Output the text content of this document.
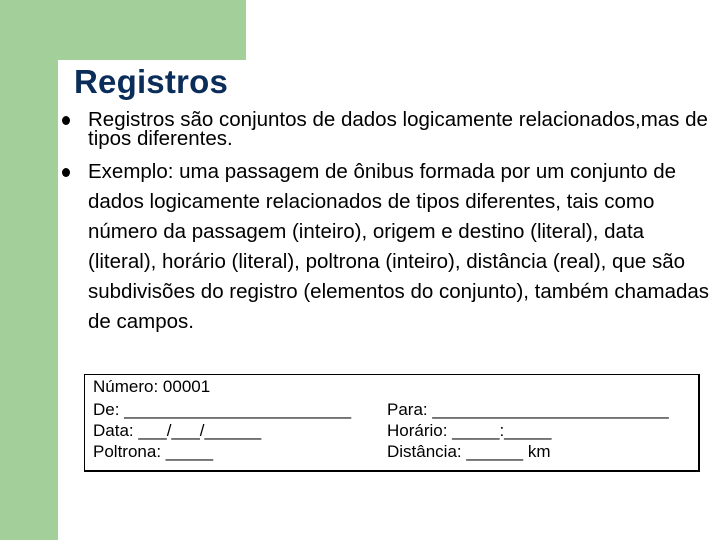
Registros
Registros são conjuntos de dados logicamente relacionados,mas de tipos diferentes.
Exemplo: uma passagem de ônibus formada por um conjunto de dados logicamente relacionados de tipos diferentes, tais como número da passagem (inteiro), origem e destino (literal), data (literal), horário (literal), poltrona (inteiro), distância (real), que são subdivisões do registro (elementos do conjunto), também chamadas de campos.
Número: 00001
De: ________________________
Data: ___/___/______
Poltrona: _____
Para: _________________________
Horário: _____:_____
Distância: ______ km
